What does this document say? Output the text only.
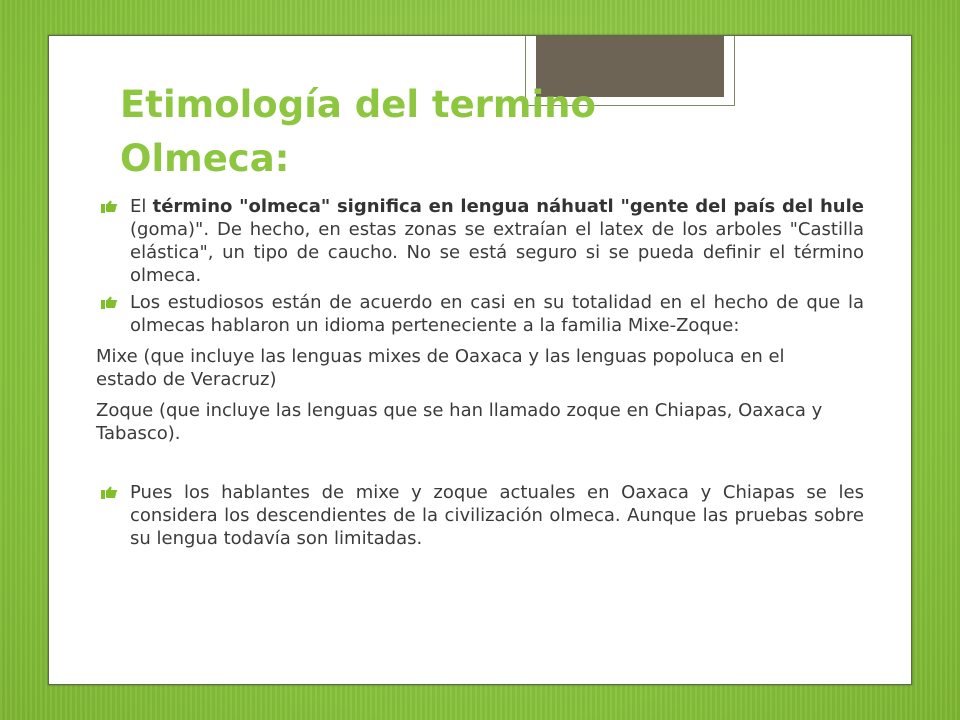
Etimología del termino
Olmeca:
El término "olmeca" significa en lengua náhuatl "gente del país del hule (goma)". De hecho, en estas zonas se extraían el latex de los arboles "Castilla elástica", un tipo de caucho. No se está seguro si se pueda definir el término olmeca.
Los estudiosos están de acuerdo en casi en su totalidad en el hecho de que la olmecas hablaron un idioma perteneciente a la familia Mixe-Zoque:

Mixe (que incluye las lenguas mixes de Oaxaca y las lenguas popoluca en el estado de Veracruz)

Zoque (que incluye las lenguas que se han llamado zoque en Chiapas, Oaxaca y Tabasco).

Pues los hablantes de mixe y zoque actuales en Oaxaca y Chiapas se les considera los descendientes de la civilización olmeca. Aunque las pruebas sobre su lengua todavía son limitadas.
